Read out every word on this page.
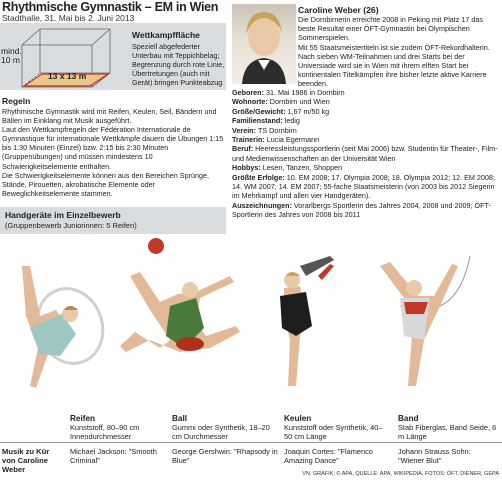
Rhythmische Gymnastik – EM in Wien
Stadthalle, 31. Mai bis 2. Juni 2013
mind. 10 m
13 x 13 m
Wettkampffläche
Speziell abgefederter Unterbau mit Teppichbelag;
Begrenzung durch rote Linie, Übertretungen (auch mit Gerät) bringen Punkteabzug
Regeln
Rhythmische Gymnastik wird mit Reifen, Keulen, Seil, Bändern und Bällen im Einklang mit Musik ausgeführt.
Laut den Wettkampfregeln der Fédération Internationale de Gymnastique für internationale Wettkämpfe dauern die Übungen 1:15 bis 1:30 Minuten (Einzel) bzw. 2:15 bis 2:30 Minuten (Gruppenübungen) und müssen mindestens 10 Schwierigkeitselemente enthalten.
Die Schwierigkeitselemente können aus den Bereichen Sprünge, Stände, Pirouetten, akrobatische Elemente oder Beweglichkeitselemente stammen.
Caroline Weber (26)
Die Dornbirnerin erreichte 2008 in Peking mit Platz 17 das beste Resultat einer ÖFT-Gymnastin bei Olympischen Sommerspielen.
Mit 55 Staatsmeistertiteln ist sie zudem ÖFT-Rekordhalterin. Nach sieben WM-Teilnahmen und drei Starts bei der Universiade wird sie in Wien mit ihrem elften Start bei kontinentalen Titelkämpfen ihre bisher letzte aktive Karriere beenden.
Geboren: 31. Mai 1986 in Dornbirn
Wohnorte: Dornbirn und Wien
Größe/Gewicht: 1,67 m/50 kg
Familienstand: ledig
Verein: TS Dornbirn
Trainerin: Lucia Egermann
Beruf: Heeressleistungssportlerin (seit Mai 2006) bzw. Studentin für Theater-, Film- und Medienwissenschaften an der Universität Wien
Hobbys: Lesen, Tanzen, Shoppen
Größte Erfolge: 10. EM 2008; 17. Olympia 2008; 18. Olympia 2012; 12. EM 2008; 14. WM 2007; 14. EM 2007; 55-fache Staatsmeisterin (von 2003 bis 2012 Siegerin im Mehrkampf und allen vier Handgeräten).
Auszeichnungen: Vorarlbergs Sportlerin des Jahres 2004, 2008 und 2009; ÖFT-Sportlerin des Jahres von 2008 bis 2011
Handgeräte im Einzelbewerb
(Gruppenbewerb Juniorinnen: 5 Reifen)
Reifen
Kunststoff, 80–90 cm Innendurchmesser
Ball
Gummi oder Synthetik, 18–20 cm Durchmesser
Keulen
Kunststoff oder Synthetik, 40–50 cm Länge
Band
Stab Fiberglas, Band Seide, 6 m Länge
Musik zu Kür von Caroline Weber
Michael Jackson: "Smooth Criminal"
George Gershwin: "Rhapsody in Blue"
Joaquin Cortes: "Flamenco Amazing Dance"
Johann Strauss Sohn: "Wiener Blut"
VN, GRAFIK; © APA, QUELLE: APA, WIKIPEDIA, FOTOS: ÖFT, DIENER, GEPA
